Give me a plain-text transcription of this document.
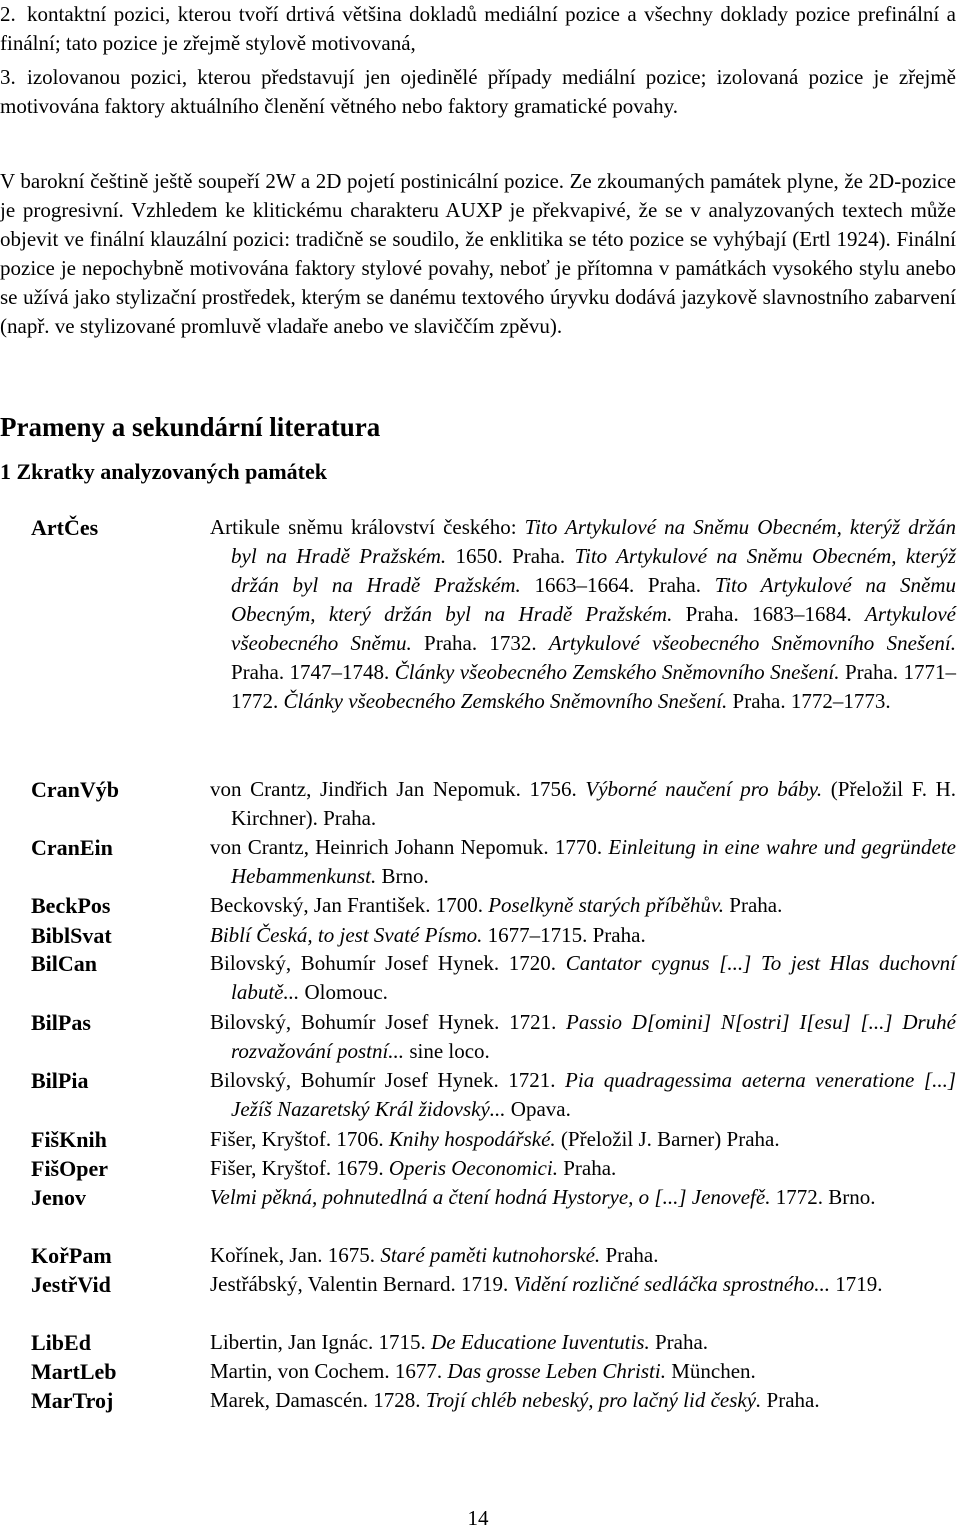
2. kontaktní pozici, kterou tvoří drtivá většina dokladů mediální pozice a všechny doklady pozice prefinální a finální; tato pozice je zřejmě stylově motivovaná,
3. izolovanou pozici, kterou představují jen ojedinělé případy mediální pozice; izolovaná pozice je zřejmě motivována faktory aktuálního členění větného nebo faktory gramatické povahy.
V barokní češtině ještě soupeří 2W a 2D pojetí postinicální pozice. Ze zkoumaných památek plyne, že 2D-pozice je progresivní. Vzhledem ke klitickému charakteru AUXP je překvapivé, že se v analyzovaných textech může objevit ve finální klauzální pozici: tradičně se soudilo, že enklitika se této pozice se vyhýbají (Ertl 1924). Finální pozice je nepochybně motivována faktory stylové povahy, neboť je přítomna v památkách vysokého stylu anebo se užívá jako stylizační prostředek, kterým se danému textového úryvku dodává jazykově slavnostního zabarvení (např. ve stylizované promluvě vladaře anebo ve slaviččím zpěvu).
Prameny a sekundární literatura
1 Zkratky analyzovaných památek
ArtČes	Artikule sněmu království českého: Tito Artykulové na Sněmu Obecném, kterýž držán byl na Hradě Pražském. 1650. Praha. Tito Artykulové na Sněmu Obecném, kterýž držán byl na Hradě Pražském. 1663–1664. Praha. Tito Artykulové na Sněmu Obecným, který držán byl na Hradě Pražském. Praha. 1683–1684. Artykulové všeobecného Sněmu. Praha. 1732. Artykulové všeobecného Sněmovního Snešení. Praha. 1747–1748. Články všeobecného Zemského Sněmovního Snešení. Praha. 1771–1772. Články všeobecného Zemského Sněmovního Snešení. Praha. 1772–1773.
CranVýb	von Crantz, Jindřich Jan Nepomuk. 1756. Výborné naučení pro báby. (Přeložil F. H. Kirchner). Praha.
CranEin	von Crantz, Heinrich Johann Nepomuk. 1770. Einleitung in eine wahre und gegründete Hebammenkunst. Brno.
BeckPos	Beckovský, Jan František. 1700. Poselkyně starých příběhův. Praha.
BiblSvat	Biblí Česká, to jest Svaté Písmo. 1677–1715. Praha.
BilCan	Bilovský, Bohumír Josef Hynek. 1720. Cantator cygnus [...] To jest Hlas duchovní labutě... Olomouc.
BilPas	Bilovský, Bohumír Josef Hynek. 1721. Passio D[omini] N[ostri] I[esu] [...] Druhé rozvažování postní... sine loco.
BilPia	Bilovský, Bohumír Josef Hynek. 1721. Pia quadragessima aeterna veneratione [...] Ježíš Nazaretský Král židovský... Opava.
FišKnih	Fišer, Kryštof. 1706. Knihy hospodářské. (Přeložil J. Barner) Praha.
FišOper	Fišer, Kryštof. 1679. Operis Oeconomici. Praha.
Jenov	Velmi pěkná, pohnutedlná a čtení hodná Hystorye, o [...] Jenovefě. 1772. Brno.
KořPam	Kořínek, Jan. 1675. Staré paměti kutnohorské. Praha.
JestřVid	Jestřábský, Valentin Bernard. 1719. Vidění rozličné sedláčka sprostného... 1719.
LibEd	Libertin, Jan Ignác. 1715. De Educatione Iuventutis. Praha.
MartLeb	Martin, von Cochem. 1677. Das grosse Leben Christi. München.
MarTroj	Marek, Damascén. 1728. Trojí chléb nebeský, pro lačný lid český. Praha.
14
